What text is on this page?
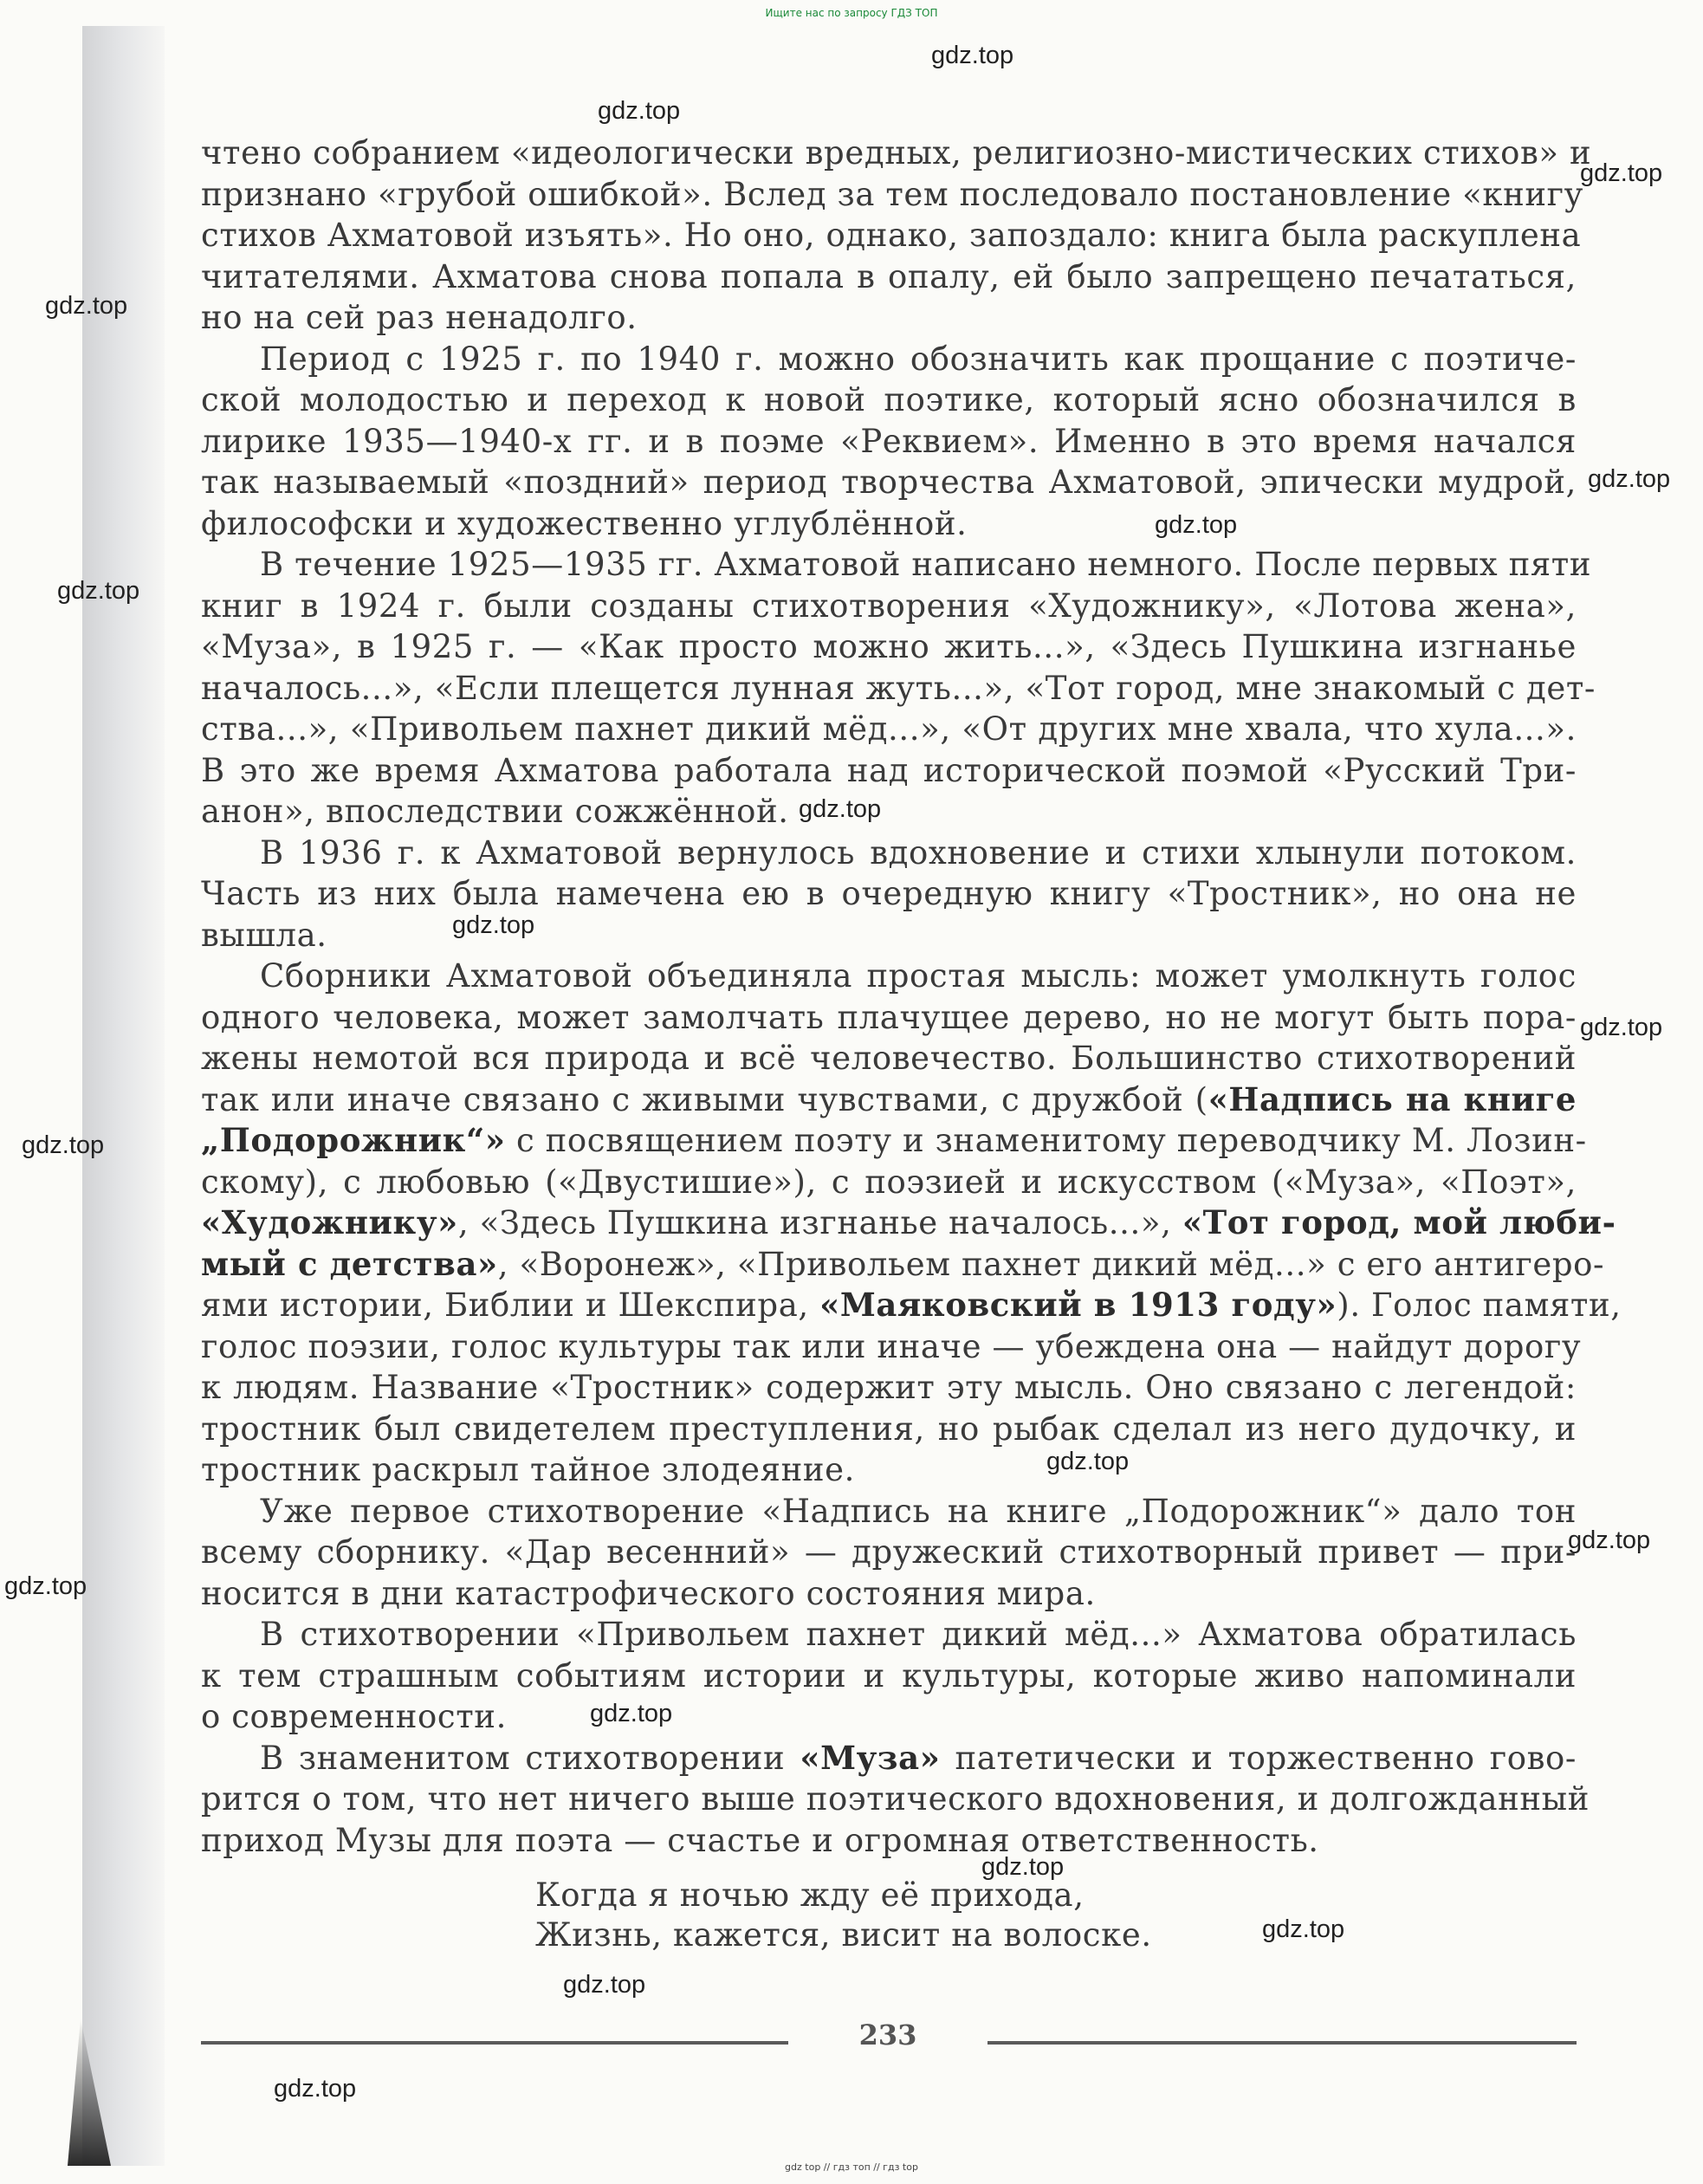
Ищите нас по запросу ГДЗ ТОП
gdz.top
gdz.top
gdz.top
gdz.top
gdz.top
gdz.top
gdz.top
gdz.top
gdz.top
gdz.top
gdz.top
gdz.top
gdz.top
gdz.top
gdz.top
gdz.top
gdz.top
gdz.top
gdz.top
чтено собранием «идеологически вредных, религиозно-мистических стихов» и
признано «грубой ошибкой». Вслед за тем последовало постановление «книгу
стихов Ахматовой изъять». Но оно, однако, запоздало: книга была раскуплена
читателями. Ахматова снова попала в опалу, ей было запрещено печататься,
но на сей раз ненадолго.
Период с 1925 г. по 1940 г. можно обозначить как прощание с поэтиче-
ской молодостью и переход к новой поэтике, который ясно обозначился в
лирике 1935—1940-х гг. и в поэме «Реквием». Именно в это время начался
так называемый «поздний» период творчества Ахматовой, эпически мудрой,
философски и художественно углублённой.
В течение 1925—1935 гг. Ахматовой написано немного. После первых пяти
книг в 1924 г. были созданы стихотворения «Художнику», «Лотова жена»,
«Муза», в 1925 г. — «Как просто можно жить...», «Здесь Пушкина изгнанье
началось...», «Если плещется лунная жуть...», «Тот город, мне знакомый с дет-
ства...», «Привольем пахнет дикий мёд...», «От других мне хвала, что хула...».
В это же время Ахматова работала над исторической поэмой «Русский Три-
анон», впоследствии сожжённой.
В 1936 г. к Ахматовой вернулось вдохновение и стихи хлынули потоком.
Часть из них была намечена ею в очередную книгу «Тростник», но она не
вышла.
Сборники Ахматовой объединяла простая мысль: может умолкнуть голос
одного человека, может замолчать плачущее дерево, но не могут быть пора-
жены немотой вся природа и всё человечество. Большинство стихотворений
так или иначе связано с живыми чувствами, с дружбой («Надпись на книге
„Подорожник“» с посвящением поэту и знаменитому переводчику М. Лозин-
скому), с любовью («Двустишие»), с поэзией и искусством («Муза», «Поэт»,
«Художнику», «Здесь Пушкина изгнанье началось...», «Тот город, мой люби-
мый с детства», «Воронеж», «Привольем пахнет дикий мёд...» с его антигеро-
ями истории, Библии и Шекспира, «Маяковский в 1913 году»). Голос памяти,
голос поэзии, голос культуры так или иначе — убеждена она — найдут дорогу
к людям. Название «Тростник» содержит эту мысль. Оно связано с легендой:
тростник был свидетелем преступления, но рыбак сделал из него дудочку, и
тростник раскрыл тайное злодеяние.
Уже первое стихотворение «Надпись на книге „Подорожник“» дало тон
всему сборнику. «Дар весенний» — дружеский стихотворный привет — при-
носится в дни катастрофического состояния мира.
В стихотворении «Привольем пахнет дикий мёд...» Ахматова обратилась
к тем страшным событиям истории и культуры, которые живо напоминали
о современности.
В знаменитом стихотворении «Муза» патетически и торжественно гово-
рится о том, что нет ничего выше поэтического вдохновения, и долгожданный
приход Музы для поэта — счастье и огромная ответственность.
Когда я ночью жду её прихода,
Жизнь, кажется, висит на волоске.
233
gdz top // гдз топ // гдз top
